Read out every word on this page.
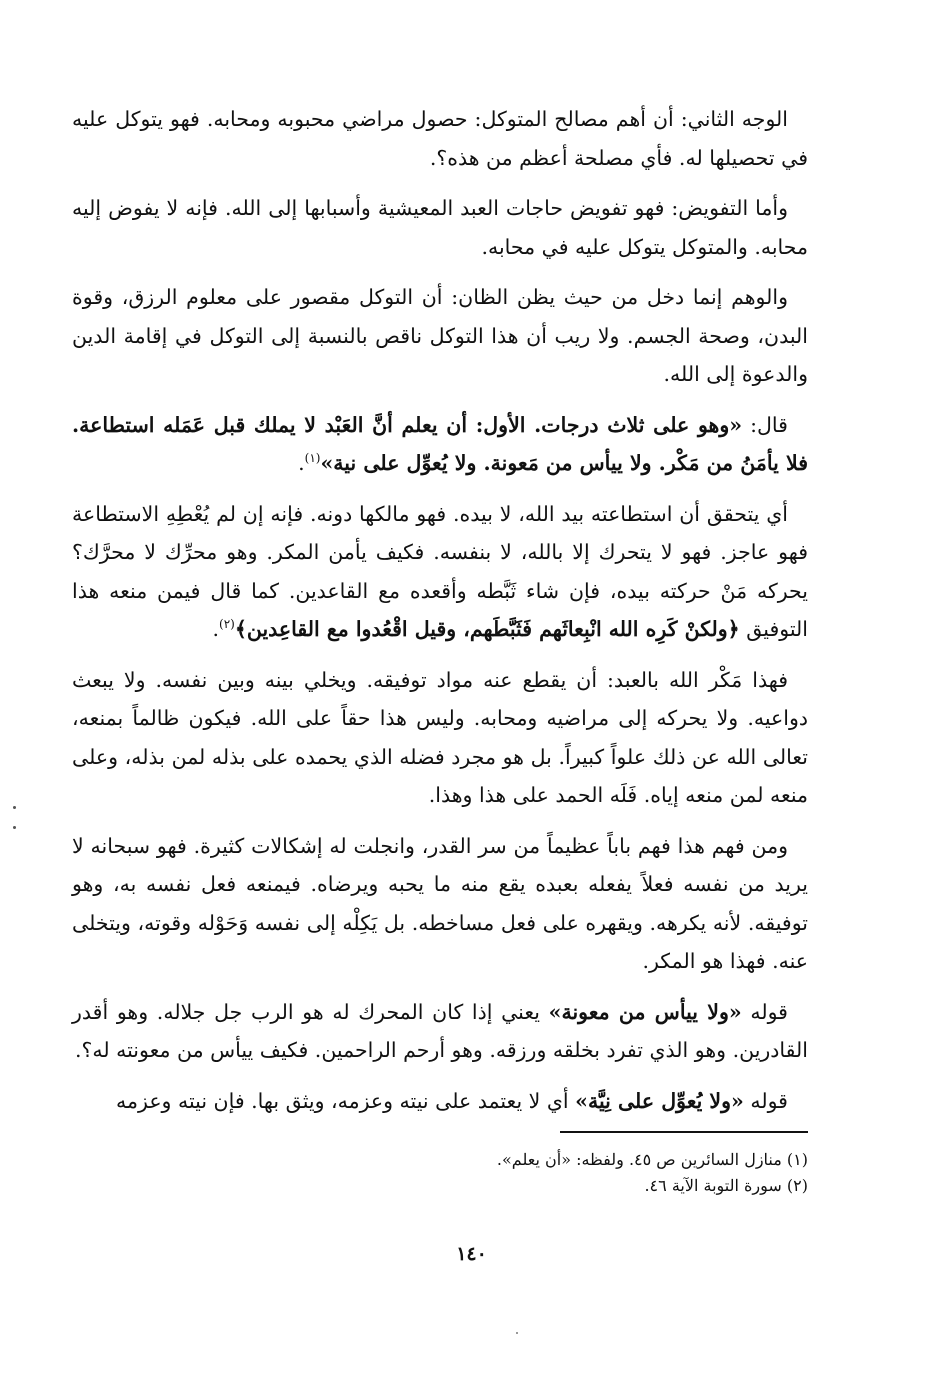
الوجه الثاني: أن أهم مصالح المتوكل: حصول مراضي محبوبه ومحابه. فهو يتوكل عليه في تحصيلها له. فأي مصلحة أعظم من هذه؟.

وأما التفويض: فهو تفويض حاجات العبد المعيشية وأسبابها إلى الله. فإنه لا يفوض إليه محابه. والمتوكل يتوكل عليه في محابه.

والوهم إنما دخل من حيث يظن الظان: أن التوكل مقصور على معلوم الرزق، وقوة البدن، وصحة الجسم. ولا ريب أن هذا التوكل ناقص بالنسبة إلى التوكل في إقامة الدين والدعوة إلى الله.

قال: «وهو على ثلاث درجات. الأول: أن يعلم أنَّ العَبْد لا يملك قبل عَمَله استطاعة. فلا يأمَنُ من مَكْر. ولا ييأس من مَعونة. ولا يُعوِّل على نية»$^{(١)}$.

أي يتحقق أن استطاعته بيد الله، لا بيده. فهو مالكها دونه. فإنه إن لم يُعْطِهِ الاستطاعة فهو عاجز. فهو لا يتحرك إلا بالله، لا بنفسه. فكيف يأمن المكر. وهو محرِّك لا محرَّك؟ يحركه مَنْ حركته بيده، فإن شاء ثَبَّطه وأقعده مع القاعدين. كما قال فيمن منعه هذا التوفيق ﴿ولكنْ كَرِه الله انْبِعاثَهم فَثَبَّطَهم، وقيل اقْعُدوا مع القاعِدين﴾$^{(٢)}$.

فهذا مَكْر الله بالعبد: أن يقطع عنه مواد توفيقه. ويخلي بينه وبين نفسه. ولا يبعث دواعيه. ولا يحركه إلى مراضيه ومحابه. وليس هذا حقاً على الله. فيكون ظالماً بمنعه، تعالى الله عن ذلك علواً كبيراً. بل هو مجرد فضله الذي يحمده على بذله لمن بذله، وعلى منعه لمن منعه إياه. فَلَه الحمد على هذا وهذا.

ومن فهم هذا فهم باباً عظيماً من سر القدر، وانجلت له إشكالات كثيرة. فهو سبحانه لا يريد من نفسه فعلاً يفعله بعبده يقع منه ما يحبه ويرضاه. فيمنعه فعل نفسه به، وهو توفيقه. لأنه يكرهه. ويقهره على فعل مساخطه. بل يَكِلْه إلى نفسه وَحَوْله وقوته، ويتخلى عنه. فهذا هو المكر.

قوله «ولا ييأس من معونة» يعني إذا كان المحرك له هو الرب جل جلاله. وهو أقدر القادرين. وهو الذي تفرد بخلقه ورزقه. وهو أرحم الراحمين. فكيف ييأس من معونته له؟.

قوله «ولا يُعوِّل على نِيَّة» أي لا يعتمد على نيته وعزمه، ويثق بها. فإن نيته وعزمه

(١) منازل السائرين ص ٤٥. ولفظه: «أن يعلم».

(٢) سورة التوبة الآية ٤٦.

١٤٠
